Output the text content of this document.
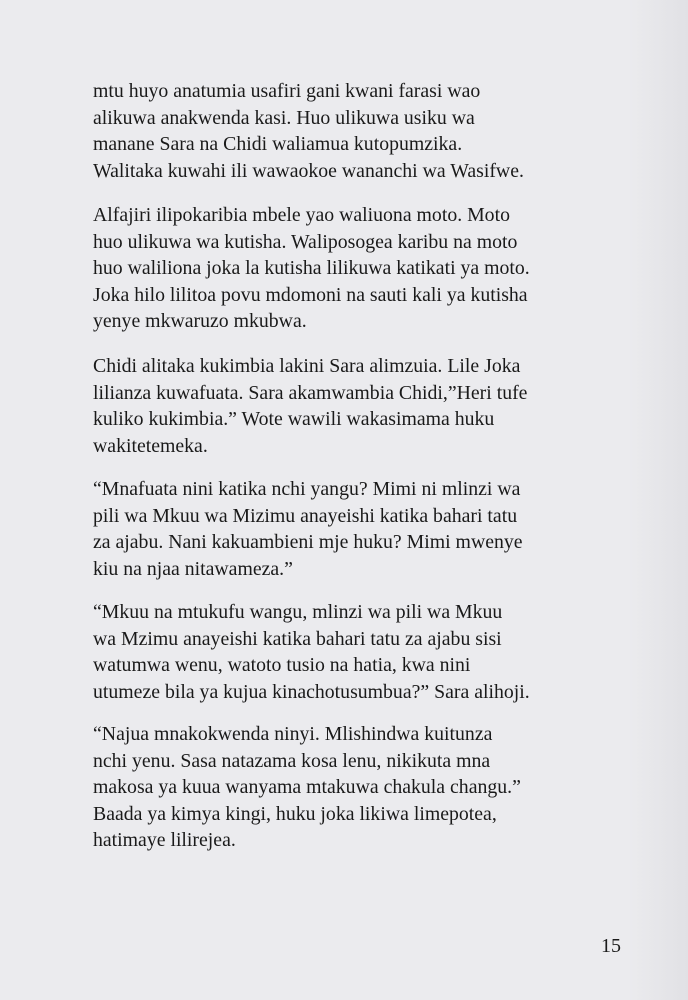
mtu huyo anatumia usafiri gani kwani farasi wao
alikuwa anakwenda kasi. Huo ulikuwa usiku wa
manane Sara na Chidi waliamua kutopumzika.
Walitaka kuwahi ili wawaokoe wananchi wa Wasifwe.

Alfajiri ilipokaribia mbele yao waliuona moto. Moto
huo ulikuwa wa kutisha. Waliposogea karibu na moto
huo waliliona joka la kutisha lilikuwa katikati ya moto.
Joka hilo lilitoa povu mdomoni na sauti kali ya kutisha
yenye mkwaruzo mkubwa.

Chidi alitaka kukimbia lakini Sara alimzuia. Lile Joka
lilianza kuwafuata. Sara akamwambia Chidi,”Heri tufe
kuliko kukimbia.” Wote wawili wakasimama huku
wakitetemeka.

“Mnafuata nini katika nchi yangu? Mimi ni mlinzi wa
pili wa Mkuu wa Mizimu anayeishi katika bahari tatu
za ajabu. Nani kakuambieni mje huku? Mimi mwenye
kiu na njaa nitawameza.”

“Mkuu na mtukufu wangu, mlinzi wa pili wa Mkuu
wa Mzimu anayeishi katika bahari tatu za ajabu sisi
watumwa wenu, watoto tusio na hatia, kwa nini
utumeze bila ya kujua kinachotusumbua?” Sara alihoji.

“Najua mnakokwenda ninyi. Mlishindwa kuitunza
nchi yenu. Sasa natazama kosa lenu, nikikuta mna
makosa ya kuua wanyama mtakuwa chakula changu.”
Baada ya kimya kingi, huku joka likiwa limepotea,
hatimaye lilirejea.

15
